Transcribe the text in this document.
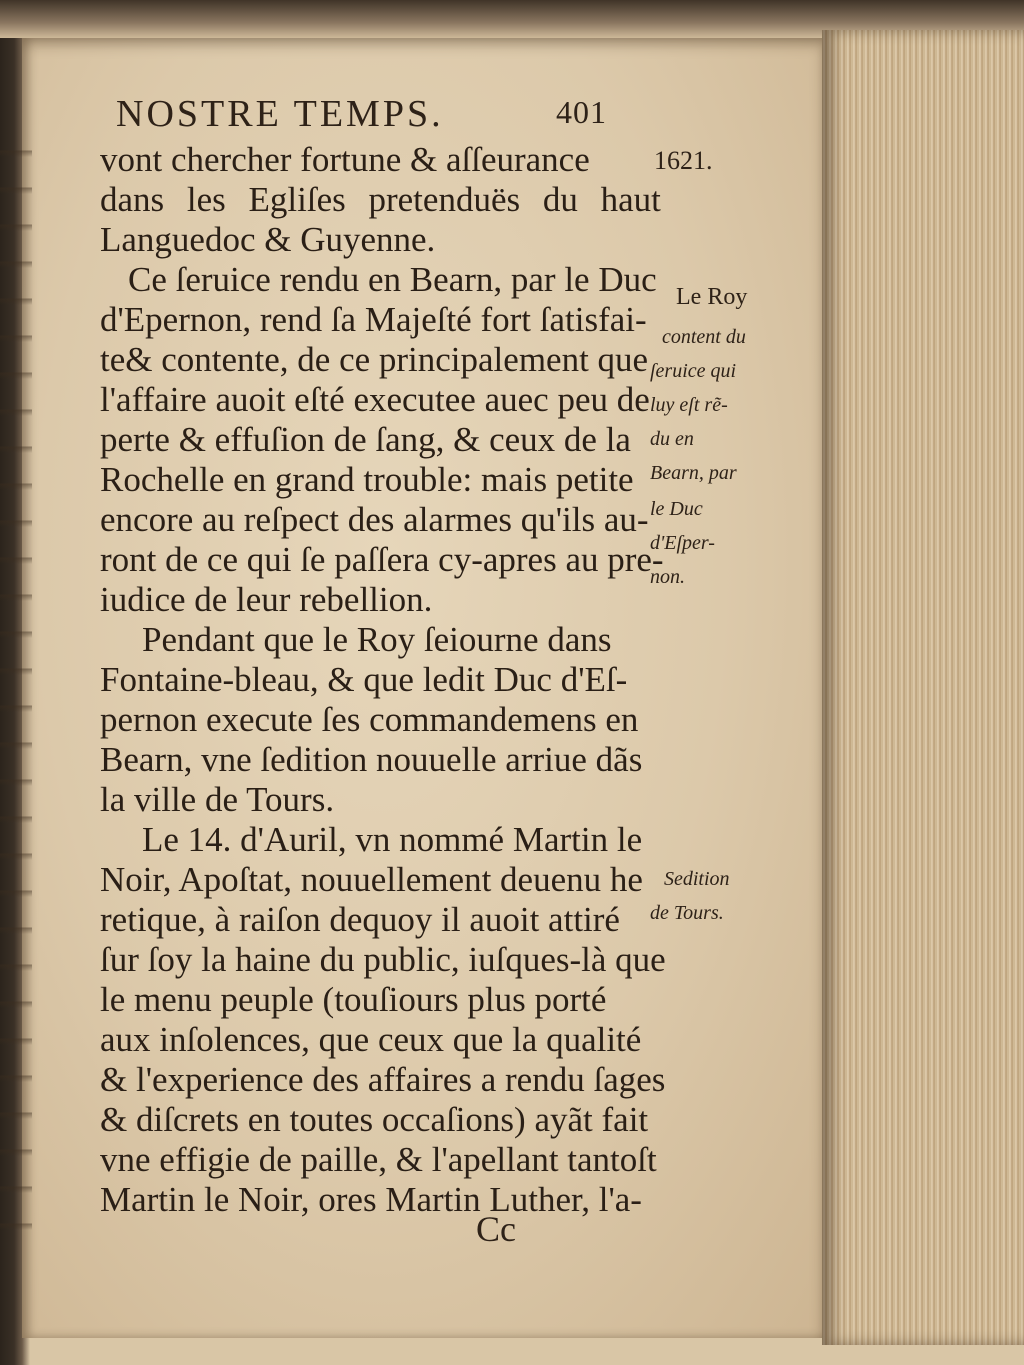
NOSTRE TEMPS.	401
1621.
vont chercher fortune & aſſeurance
dans les Egliſes pretenduës du haut
Languedoc & Guyenne.
Ce ſeruice rendu en Bearn, par le Duc
d'Epernon, rend ſa Majeſté fort ſatisfai-
te& contente, de ce principalement que
l'affaire auoit eſté executee auec peu de
perte & effuſion de ſang, & ceux de la
Rochelle en grand trouble: mais petite
encore au reſpect des alarmes qu'ils au-
ront de ce qui ſe paſſera cy-apres au pre-
iudice de leur rebellion.
Pendant que le Roy ſeiourne dans
Fontaine-bleau, & que ledit Duc d'Eſ-
pernon execute ſes commandemens en
Bearn, vne ſedition nouuelle arriue dãs
la ville de Tours.
Le 14. d'Auril, vn nommé Martin le
Noir, Apoſtat, nouuellement deuenu he
retique, à raiſon dequoy il auoit attiré
ſur ſoy la haine du public, iuſques-là que
le menu peuple (touſiours plus porté
aux inſolences, que ceux que la qualité
& l'experience des affaires a rendu ſages
& diſcrets en toutes occaſions) ayãt fait
vne effigie de paille, & l'apellant tantoſt
Martin le Noir, ores Martin Luther, l'a-
Le Roy
content du
ſeruice qui
luy eſt rẽ-
du en
Bearn, par
le Duc
d'Eſper-
non.
Sedition
de Tours.
Cc
